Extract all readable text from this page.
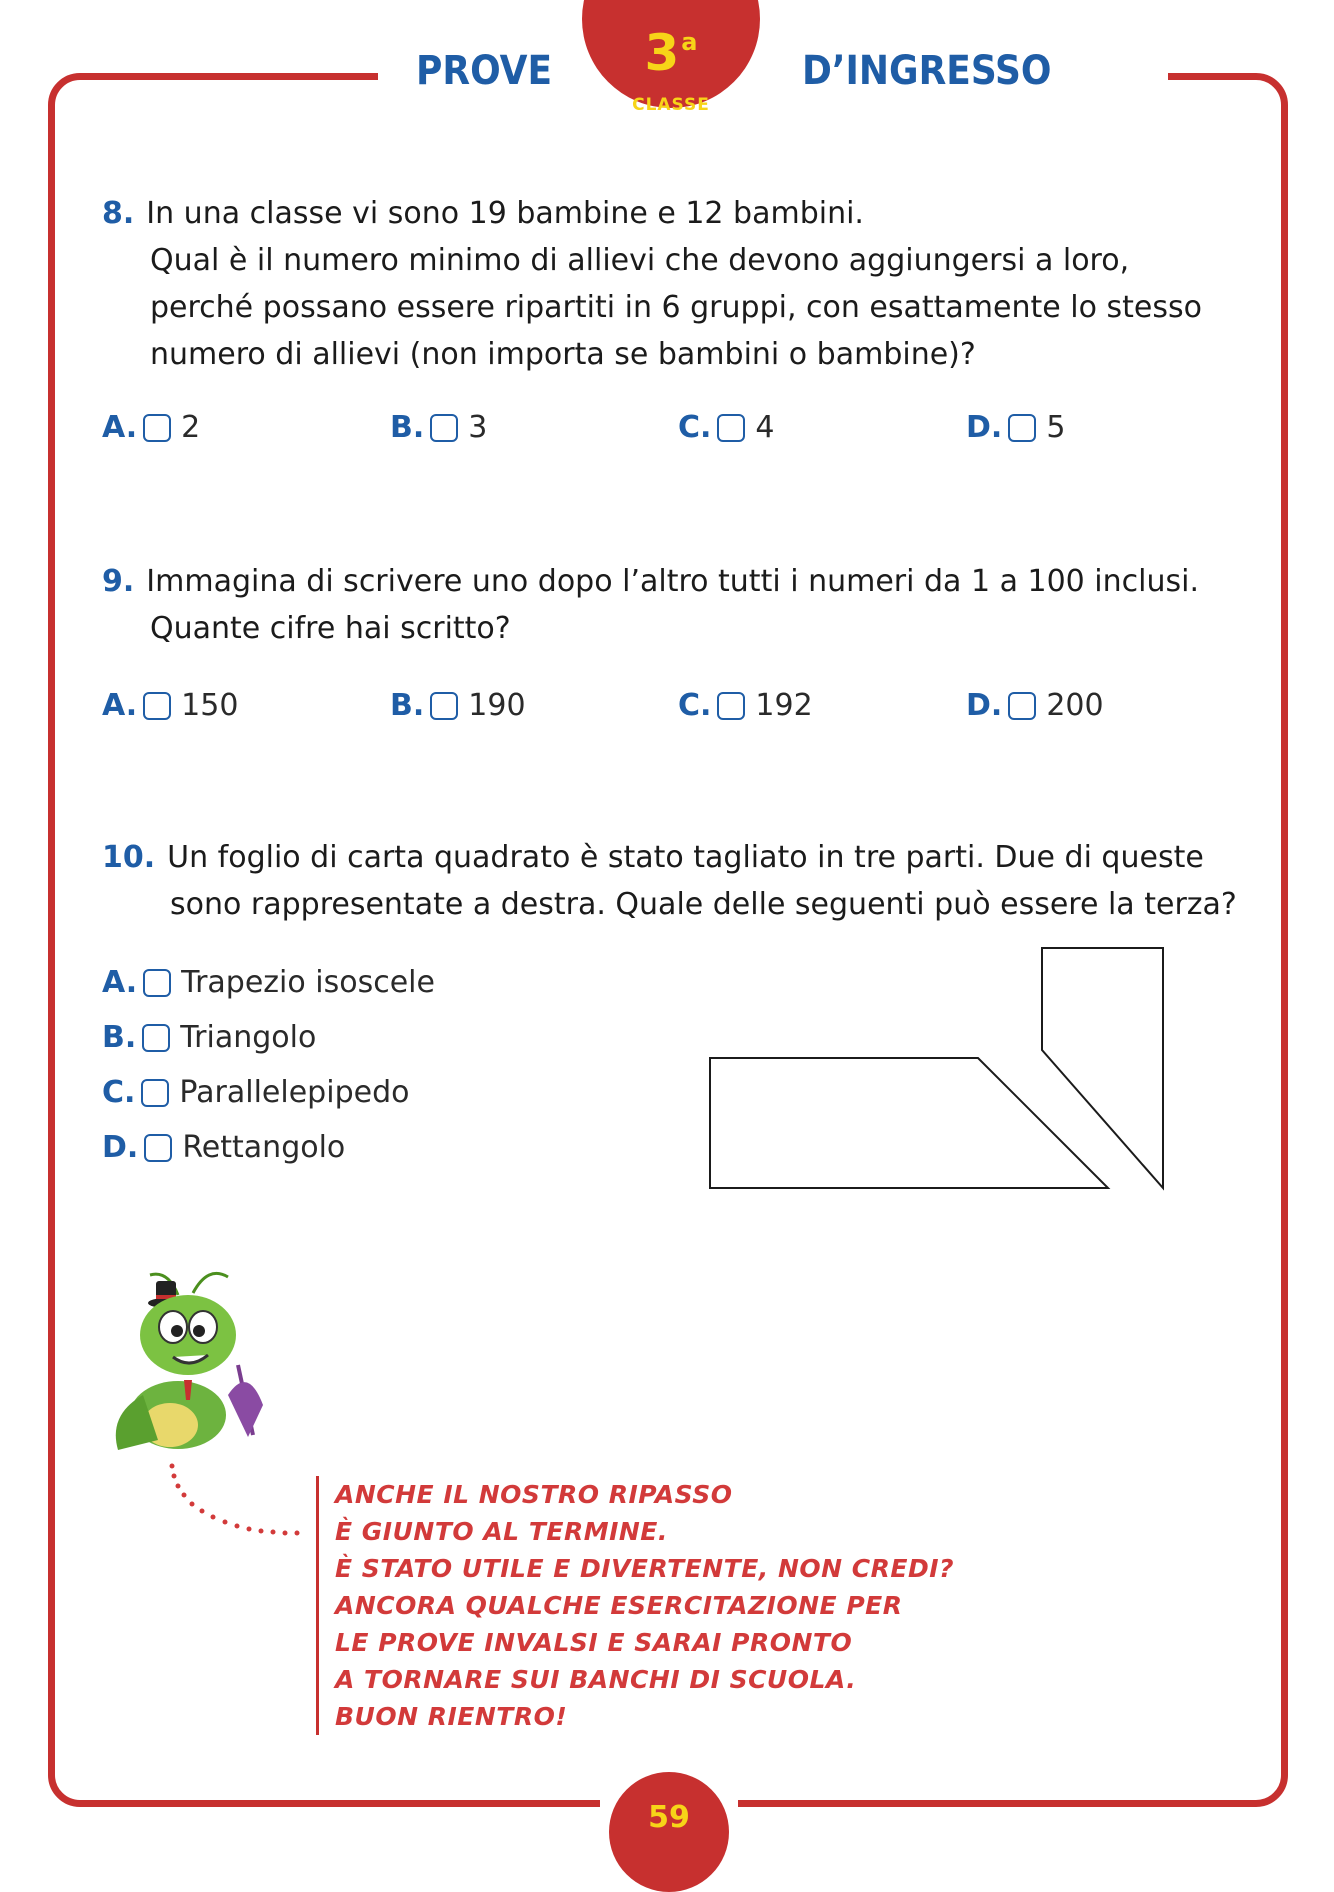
PROVE	3$^a$
CLASSE
D’INGRESSO
8. In una classe vi sono 19 bambine e 12 bambini.
Qual è il numero minimo di allievi che devono aggiungersi a loro,
perché possano essere ripartiti in 6 gruppi, con esattamente lo stesso
numero di allievi (non importa se bambini o bambine)?
A. 2	B. 3	C. 4	D. 5
9. Immagina di scrivere uno dopo l’altro tutti i numeri da 1 a 100 inclusi.
Quante cifre hai scritto?
A. 150	B. 190	C. 192	D. 200
10. Un foglio di carta quadrato è stato tagliato in tre parti. Due di queste
sono rappresentate a destra. Quale delle seguenti può essere la terza?
A. Trapezio isoscele
B. Triangolo
C. Parallelepipedo
D. Rettangolo
ANCHE IL NOSTRO RIPASSO
È GIUNTO AL TERMINE.
È STATO UTILE E DIVERTENTE, NON CREDI?
ANCORA QUALCHE ESERCITAZIONE PER
LE PROVE INVALSI E SARAI PRONTO
A TORNARE SUI BANCHI DI SCUOLA.
BUON RIENTRO!
59
